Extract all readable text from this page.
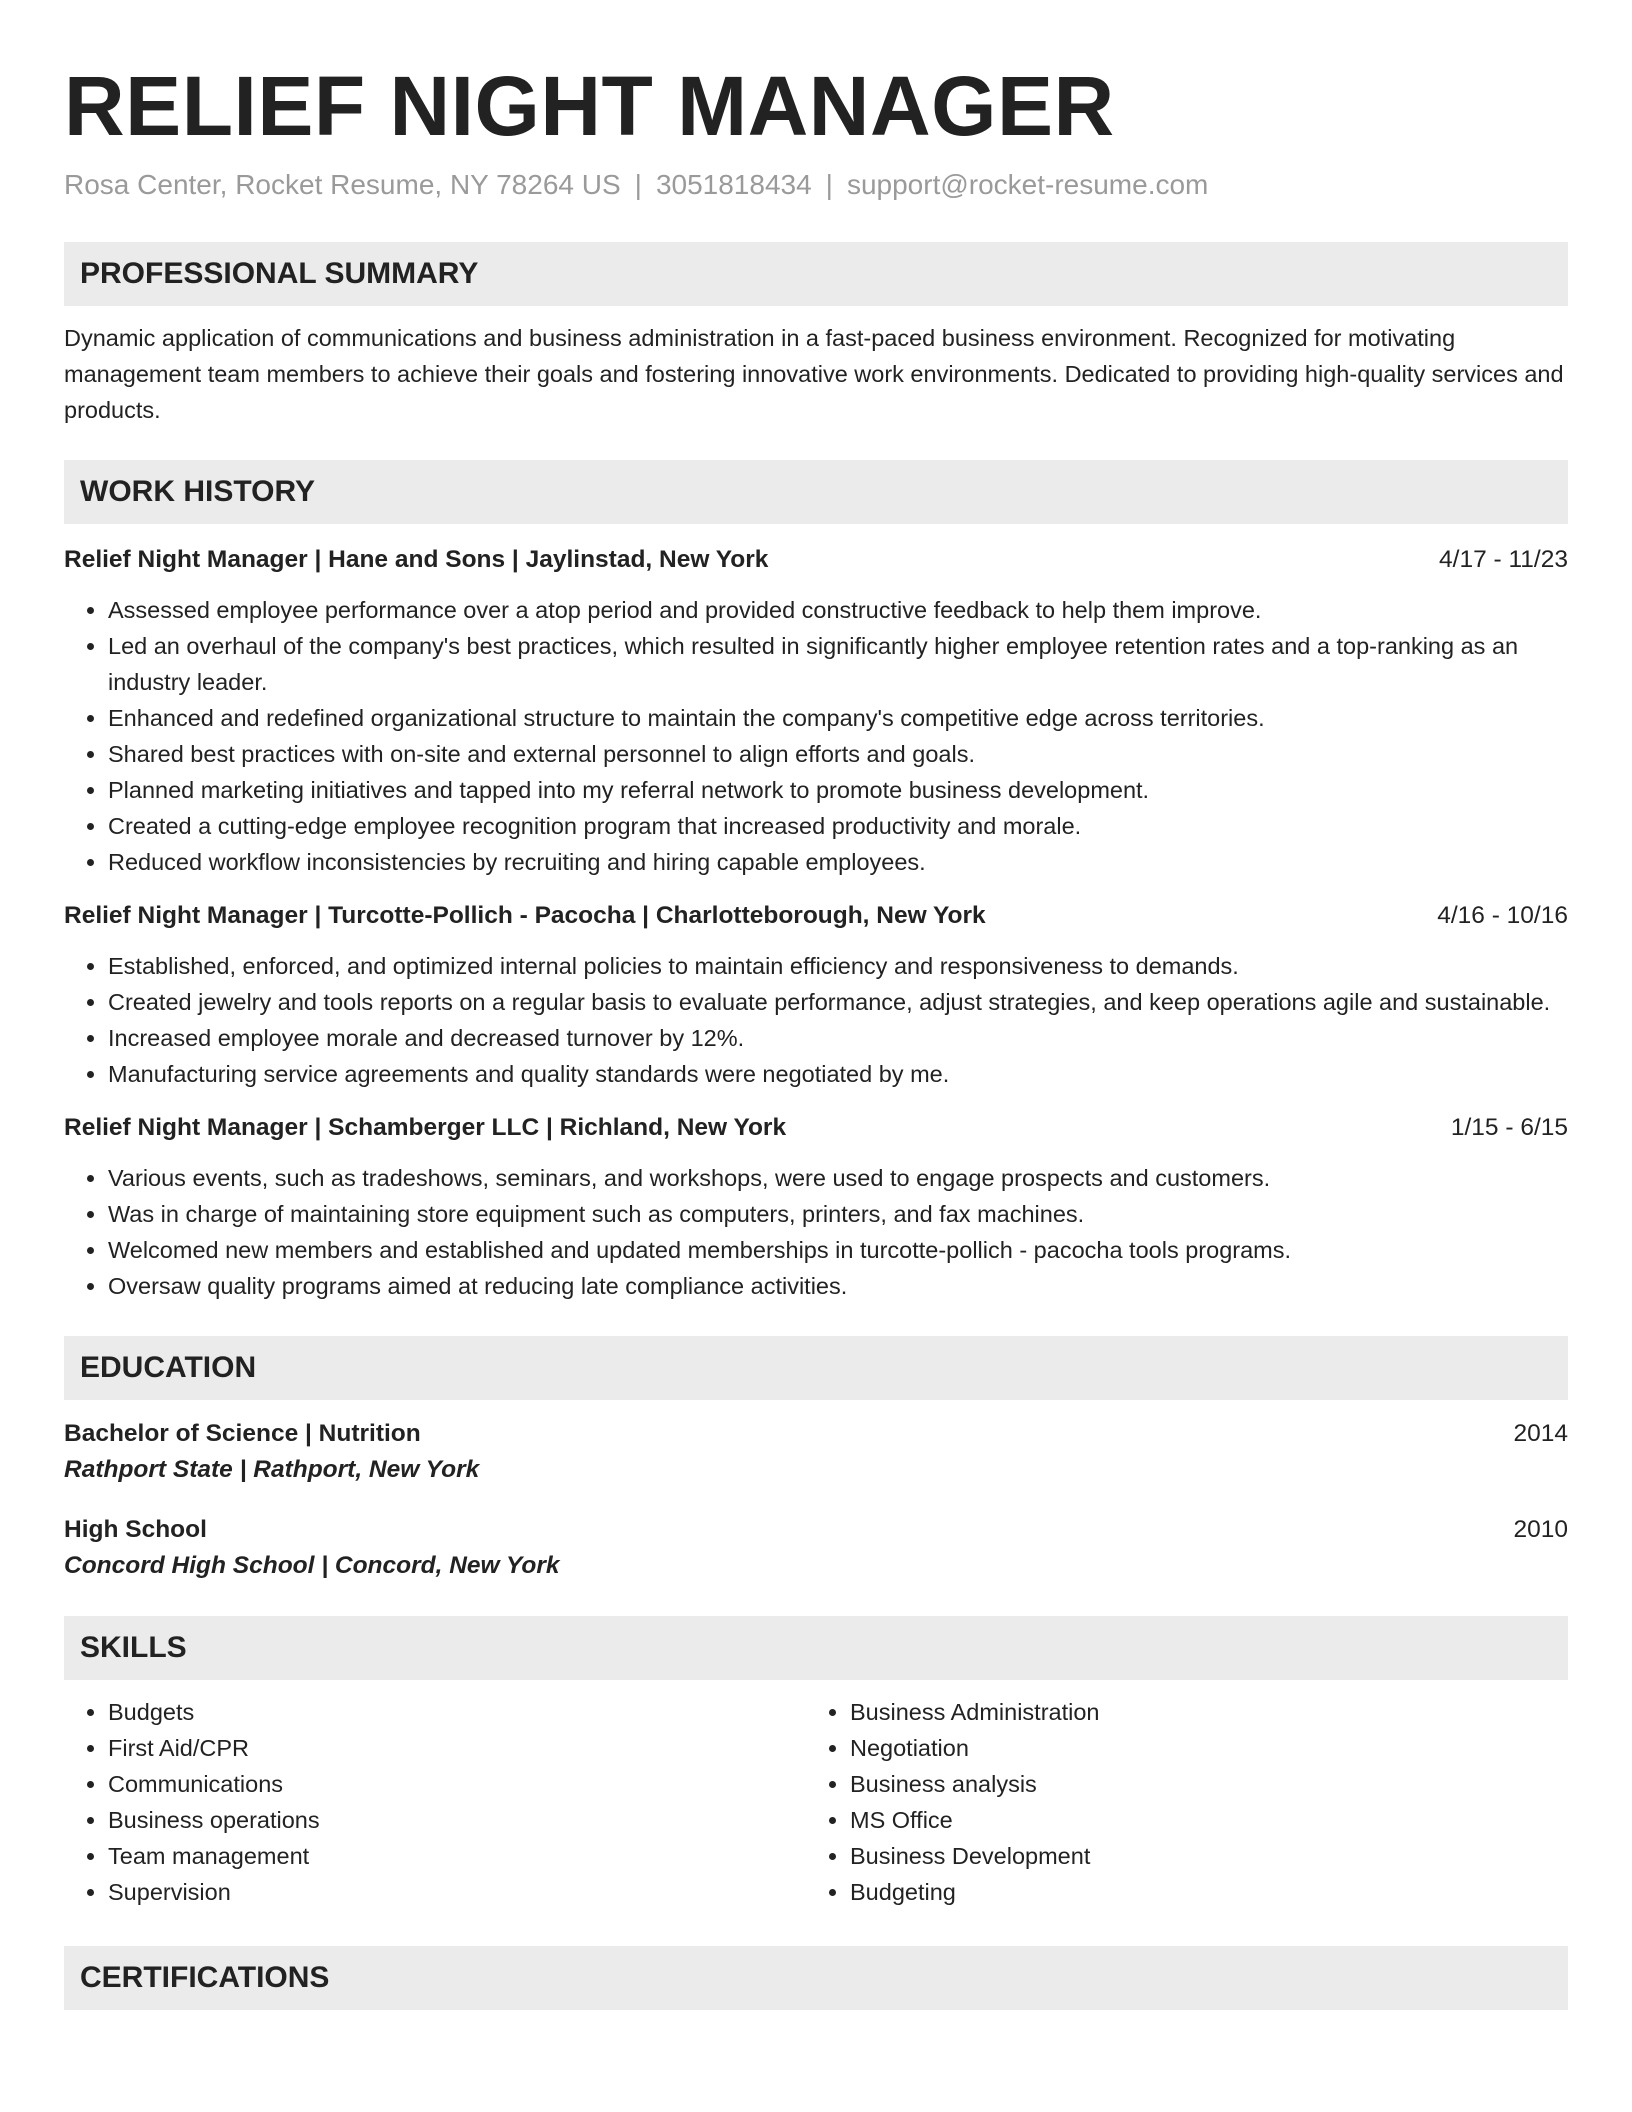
RELIEF NIGHT MANAGER
Rosa Center, Rocket Resume, NY 78264 US | 3051818434 | support@rocket-resume.com
PROFESSIONAL SUMMARY
Dynamic application of communications and business administration in a fast-paced business environment. Recognized for motivating management team members to achieve their goals and fostering innovative work environments. Dedicated to providing high-quality services and products.
WORK HISTORY
Relief Night Manager | Hane and Sons | Jaylinstad, New York	4/17 - 11/23
• Assessed employee performance over a atop period and provided constructive feedback to help them improve.
• Led an overhaul of the company's best practices, which resulted in significantly higher employee retention rates and a top-ranking as an industry leader.
• Enhanced and redefined organizational structure to maintain the company's competitive edge across territories.
• Shared best practices with on-site and external personnel to align efforts and goals.
• Planned marketing initiatives and tapped into my referral network to promote business development.
• Created a cutting-edge employee recognition program that increased productivity and morale.
• Reduced workflow inconsistencies by recruiting and hiring capable employees.
Relief Night Manager | Turcotte-Pollich - Pacocha | Charlotteborough, New York	4/16 - 10/16
• Established, enforced, and optimized internal policies to maintain efficiency and responsiveness to demands.
• Created jewelry and tools reports on a regular basis to evaluate performance, adjust strategies, and keep operations agile and sustainable.
• Increased employee morale and decreased turnover by 12%.
• Manufacturing service agreements and quality standards were negotiated by me.
Relief Night Manager | Schamberger LLC | Richland, New York	1/15 - 6/15
• Various events, such as tradeshows, seminars, and workshops, were used to engage prospects and customers.
• Was in charge of maintaining store equipment such as computers, printers, and fax machines.
• Welcomed new members and established and updated memberships in turcotte-pollich - pacocha tools programs.
• Oversaw quality programs aimed at reducing late compliance activities.
EDUCATION
Bachelor of Science | Nutrition	2014
Rathport State | Rathport, New York
High School	2010
Concord High School | Concord, New York
SKILLS
• Budgets
• First Aid/CPR
• Communications
• Business operations
• Team management
• Supervision
• Business Administration
• Negotiation
• Business analysis
• MS Office
• Business Development
• Budgeting
CERTIFICATIONS
